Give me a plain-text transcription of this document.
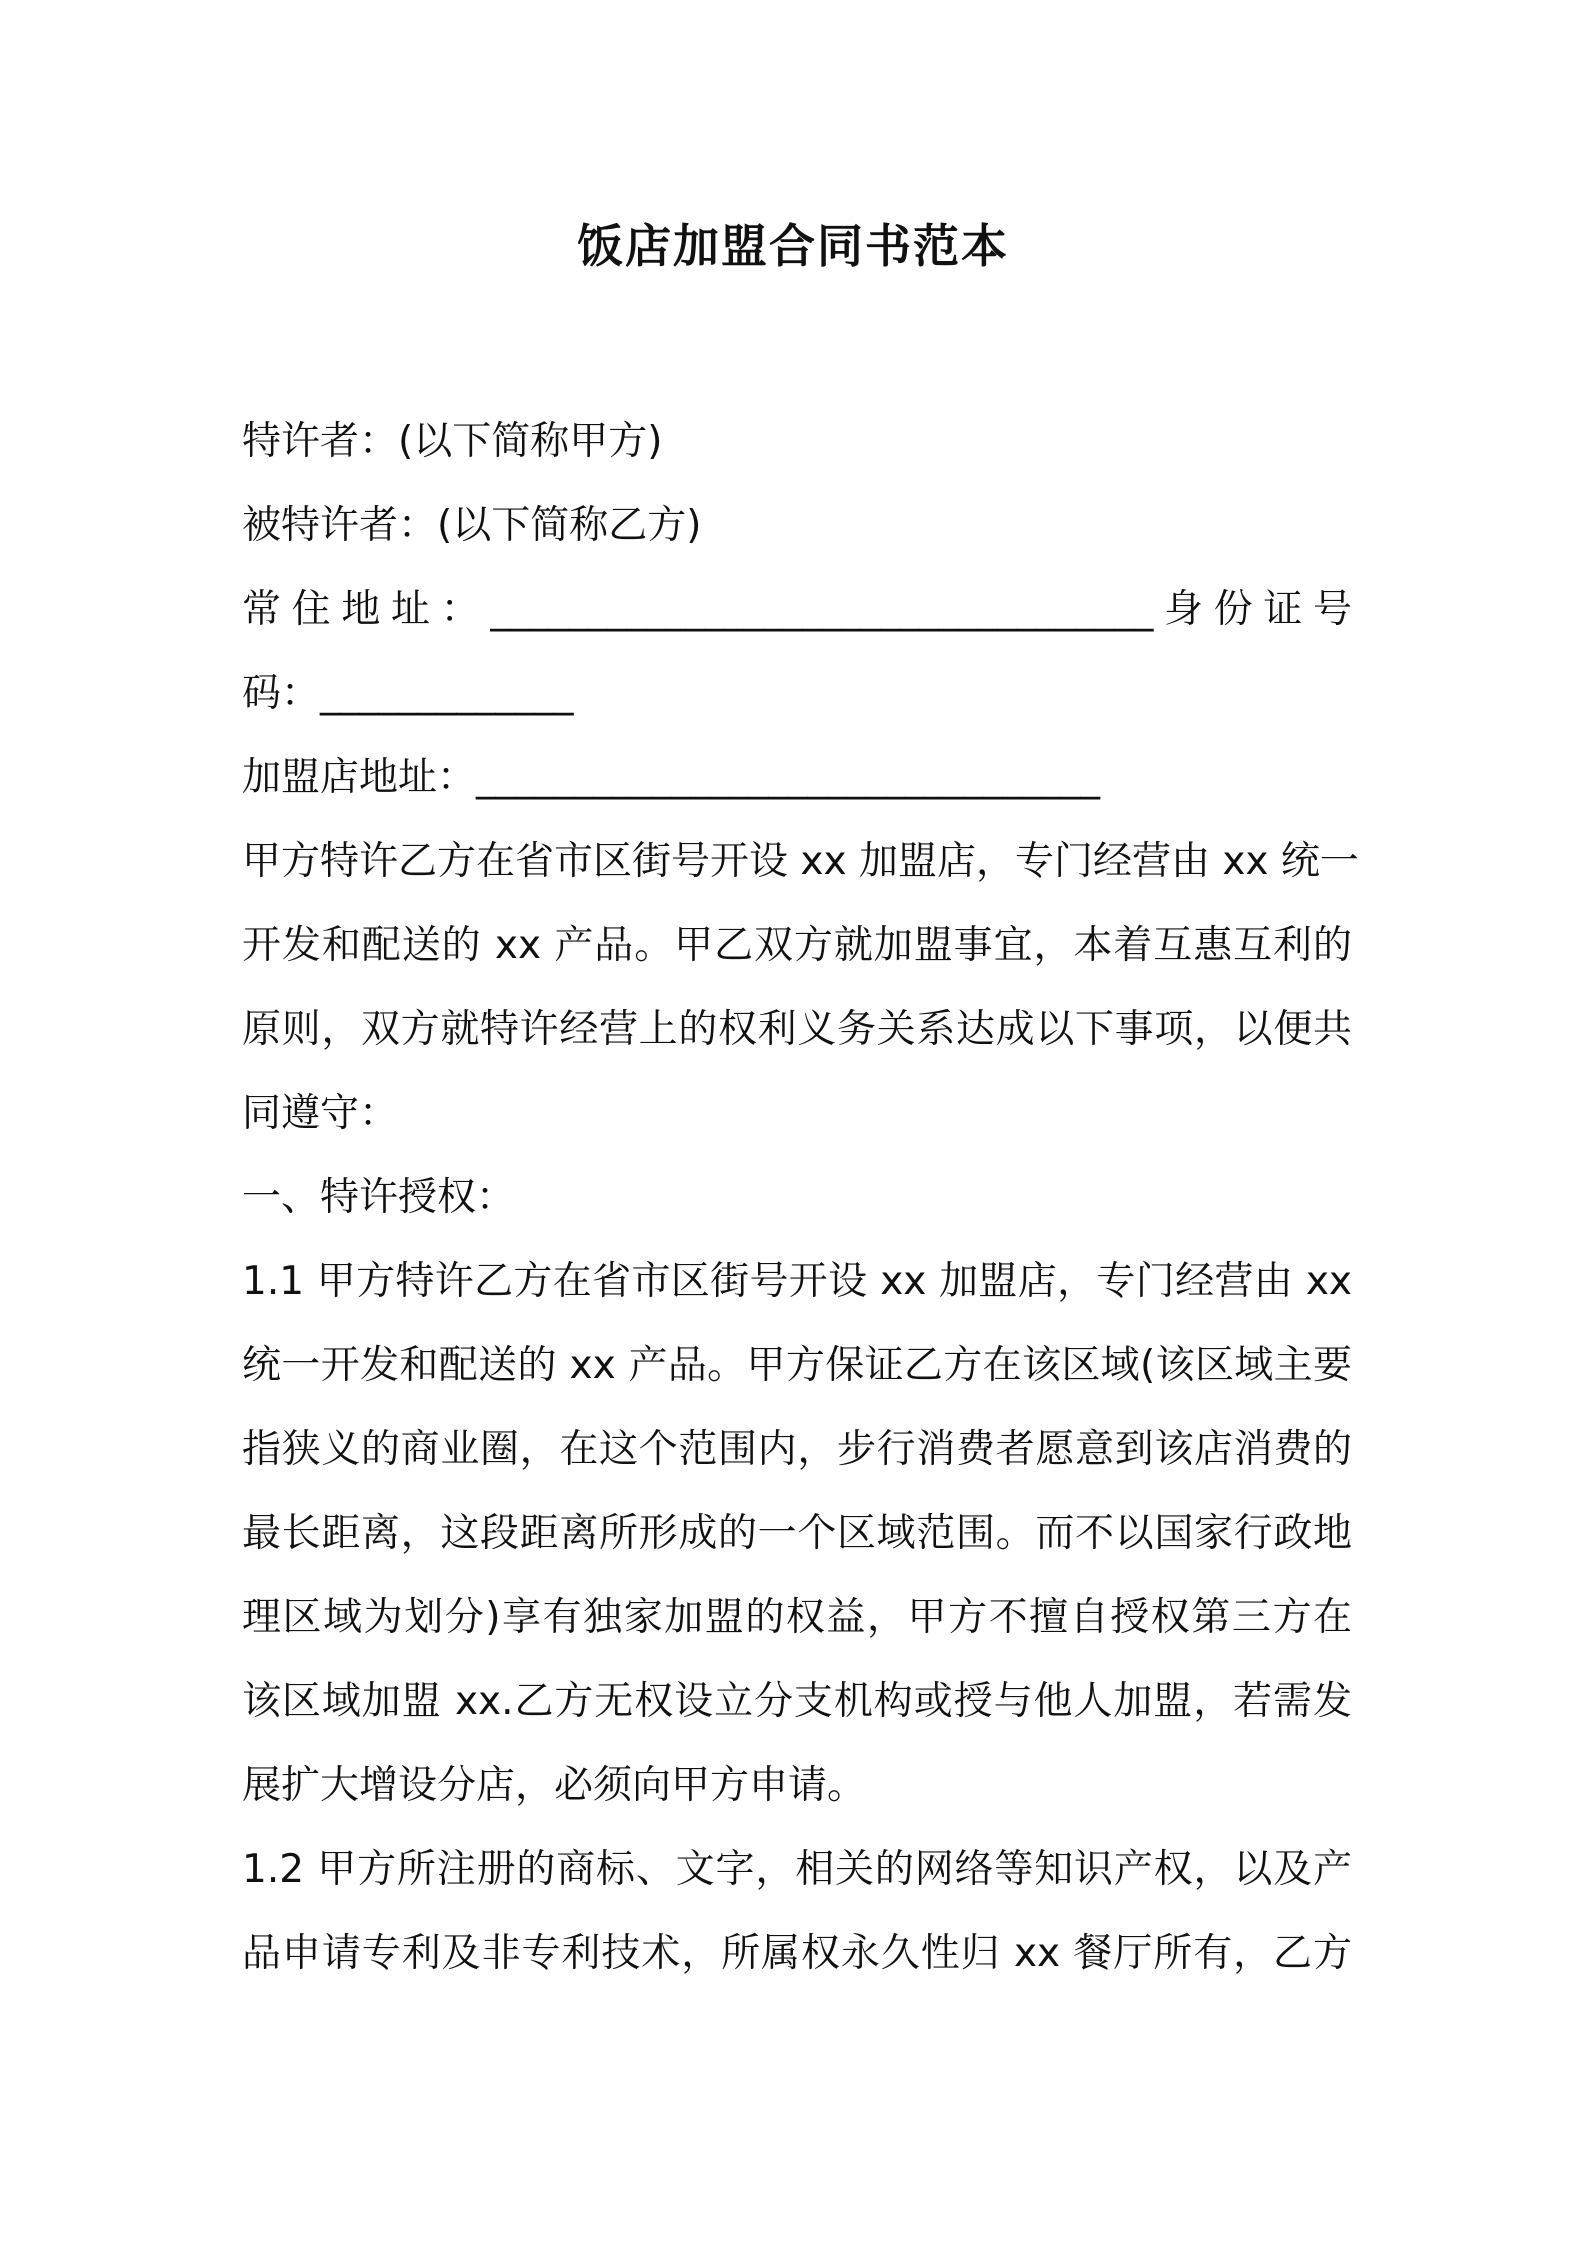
饭店加盟合同书范本
特许者：(以下简称甲方)
被特许者：(以下简称乙方)
常住地址：__________________________________身份证号
码：_____________
加盟店地址：________________________________
甲方特许乙方在省市区街号开设 xx 加盟店，专门经营由 xx 统一
开发和配送的 xx 产品。甲乙双方就加盟事宜，本着互惠互利的
原则，双方就特许经营上的权利义务关系达成以下事项，以便共
同遵守：
一、特许授权：
1.1 甲方特许乙方在省市区街号开设 xx 加盟店，专门经营由 xx
统一开发和配送的 xx 产品。甲方保证乙方在该区域(该区域主要
指狭义的商业圈，在这个范围内，步行消费者愿意到该店消费的
最长距离，这段距离所形成的一个区域范围。而不以国家行政地
理区域为划分)享有独家加盟的权益，甲方不擅自授权第三方在
该区域加盟 xx.乙方无权设立分支机构或授与他人加盟，若需发
展扩大增设分店，必须向甲方申请。
1.2 甲方所注册的商标、文字，相关的网络等知识产权，以及产
品申请专利及非专利技术，所属权永久性归 xx 餐厅所有，乙方
